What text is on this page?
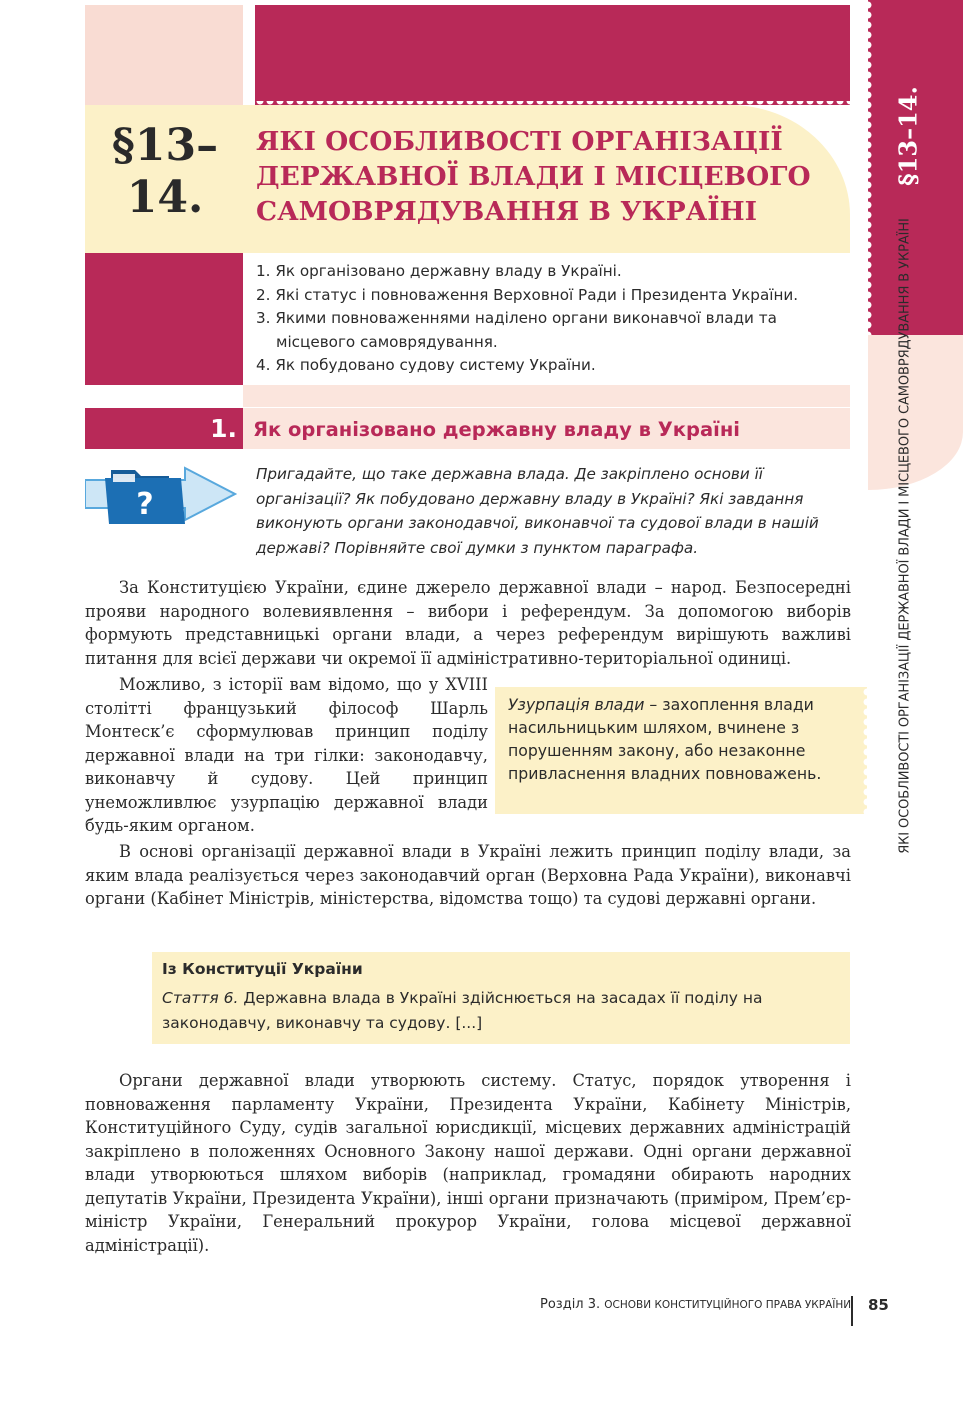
§13–
14.
ЯКІ ОСОБЛИВОСТІ ОРГАНІЗАЦІЇ ДЕРЖАВНОЇ ВЛАДИ І МІСЦЕВОГО САМОВРЯДУВАННЯ В УКРАЇНІ
1. Як організовано державну владу в Україні.
2. Які статус і повноваження Верховної Ради і Президента України.
3. Якими повноваженнями наділено органи виконавчої влади та місцевого самоврядування.
4. Як побудовано судову систему України.
1. Як організовано державну владу в Україні
?

Пригадайте, що таке державна влада. Де закріплено основи її організації? Як побудовано державну владу в Україні? Які завдання виконують органи законодавчої, виконавчої та судової влади в нашій державі? Порівняйте свої думки з пунктом параграфа.

За Конституцією України, єдине джерело державної влади – народ. Безпосередні прояви народного волевиявлення – вибори і референдум. За допомогою виборів формують представницькі органи влади, а через референдум вирішують важливі питання для всієї держави чи окремої її адміністративно-територіальної одиниці.

Можливо, з історії вам відомо, що у XVIII столітті французький філософ Шарль Монтеск’є сформулював принцип поділу державної влади на три гілки: законодавчу, виконавчу й судову. Цей принцип унеможливлює узурпацію державної влади будь-яким органом.

В основі організації державної влади в Україні лежить принцип поділу влади, за яким влада реалізується через законодавчий орган (Верховна Рада України), виконавчі органи (Кабінет Міністрів, міністерства, відомства тощо) та судові державні органи.

Органи державної влади утворюють систему. Статус, порядок утворення і повноваження парламенту України, Президента України, Кабінету Міністрів, Конституційного Суду, судів загальної юрисдикції, місцевих державних адміністрацій закріплено в положеннях Основного Закону нашої держави. Одні органи державної влади утворюються шляхом виборів (наприклад, громадяни обирають народних депутатів України, Президента України), інші органи призначають (приміром, Прем’єр-міністр України, Генеральний прокурор України, голова місцевої державної адміністрації).

Узурпація влади – захоплення влади насильницьким шляхом, вчинене з порушенням закону, або незаконне привласнення владних повноважень.

Із Конституції України

Стаття 6. Державна влада в Україні здійснюється на засадах її поділу на законодавчу, виконавчу та судову. [...]

§13–14.
ЯКІ ОСОБЛИВОСТІ ОРГАНІЗАЦІЇ ДЕРЖАВНОЇ ВЛАДИ І МІСЦЕВОГО САМОВРЯДУВАННЯ В УКРАЇНІ
Розділ 3. ОСНОВИ КОНСТИТУЦІЙНОГО ПРАВА УКРАЇНИ 85
